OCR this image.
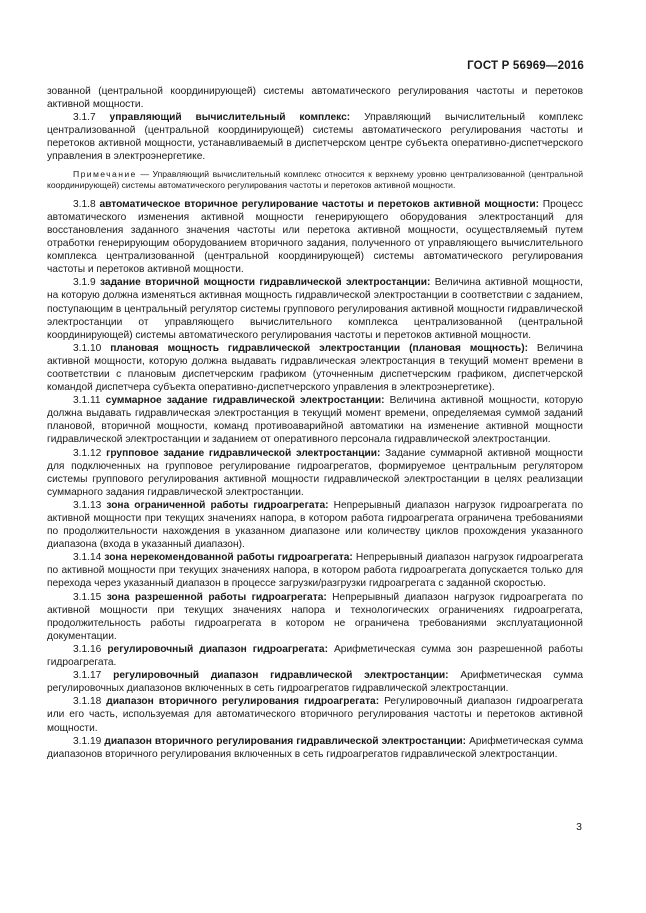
ГОСТ Р 56969—2016

зованной (центральной координирующей) системы автоматического регулирования частоты и перетоков активной мощности.

3.1.7 управляющий вычислительный комплекс: Управляющий вычислительный комплекс централизованной (центральной координирующей) системы автоматического регулирования частоты и перетоков активной мощности, устанавливаемый в диспетчерском центре субъекта оперативно-диспетчерского управления в электроэнергетике.

Примечание — Управляющий вычислительный комплекс относится к верхнему уровню централизованной (центральной координирующей) системы автоматического регулирования частоты и перетоков активной мощности.

3.1.8 автоматическое вторичное регулирование частоты и перетоков активной мощности: Процесс автоматического изменения активной мощности генерирующего оборудования электростанций для восстановления заданного значения частоты или перетока активной мощности, осуществляемый путем отработки генерирующим оборудованием вторичного задания, полученного от управляющего вычислительного комплекса централизованной (центральной координирующей) системы автоматического регулирования частоты и перетоков активной мощности.

3.1.9 задание вторичной мощности гидравлической электростанции: Величина активной мощности, на которую должна изменяться активная мощность гидравлической электростанции в соответствии с заданием, поступающим в центральный регулятор системы группового регулирования активной мощности гидравлической электростанции от управляющего вычислительного комплекса централизованной (центральной координирующей) системы автоматического регулирования частоты и перетоков активной мощности.

3.1.10 плановая мощность гидравлической электростанции (плановая мощность): Величина активной мощности, которую должна выдавать гидравлическая электростанция в текущий момент времени в соответствии с плановым диспетчерским графиком (уточненным диспетчерским графиком, диспетчерской командой диспетчера субъекта оперативно-диспетчерского управления в электроэнергетике).

3.1.11 суммарное задание гидравлической электростанции: Величина активной мощности, которую должна выдавать гидравлическая электростанция в текущий момент времени, определяемая суммой заданий плановой, вторичной мощности, команд противоаварийной автоматики на изменение активной мощности гидравлической электростанции и заданием от оперативного персонала гидравлической электростанции.

3.1.12 групповое задание гидравлической электростанции: Задание суммарной активной мощности для подключенных на групповое регулирование гидроагрегатов, формируемое центральным регулятором системы группового регулирования активной мощности гидравлической электростанции в целях реализации суммарного задания гидравлической электростанции.

3.1.13 зона ограниченной работы гидроагрегата: Непрерывный диапазон нагрузок гидроагрегата по активной мощности при текущих значениях напора, в котором работа гидроагрегата ограничена требованиями по продолжительности нахождения в указанном диапазоне или количеству циклов прохождения указанного диапазона (входа в указанный диапазон).

3.1.14 зона нерекомендованной работы гидроагрегата: Непрерывный диапазон нагрузок гидроагрегата по активной мощности при текущих значениях напора, в котором работа гидроагрегата допускается только для перехода через указанный диапазон в процессе загрузки/разгрузки гидроагрегата с заданной скоростью.

3.1.15 зона разрешенной работы гидроагрегата: Непрерывный диапазон нагрузок гидроагрегата по активной мощности при текущих значениях напора и технологических ограничениях гидроагрегата, продолжительность работы гидроагрегата в котором не ограничена требованиями эксплуатационной документации.

3.1.16 регулировочный диапазон гидроагрегата: Арифметическая сумма зон разрешенной работы гидроагрегата.

3.1.17 регулировочный диапазон гидравлической электростанции: Арифметическая сумма регулировочных диапазонов включенных в сеть гидроагрегатов гидравлической электростанции.

3.1.18 диапазон вторичного регулирования гидроагрегата: Регулировочный диапазон гидроагрегата или его часть, используемая для автоматического вторичного регулирования частоты и перетоков активной мощности.

3.1.19 диапазон вторичного регулирования гидравлической электростанции: Арифметическая сумма диапазонов вторичного регулирования включенных в сеть гидроагрегатов гидравлической электростанции.

3
